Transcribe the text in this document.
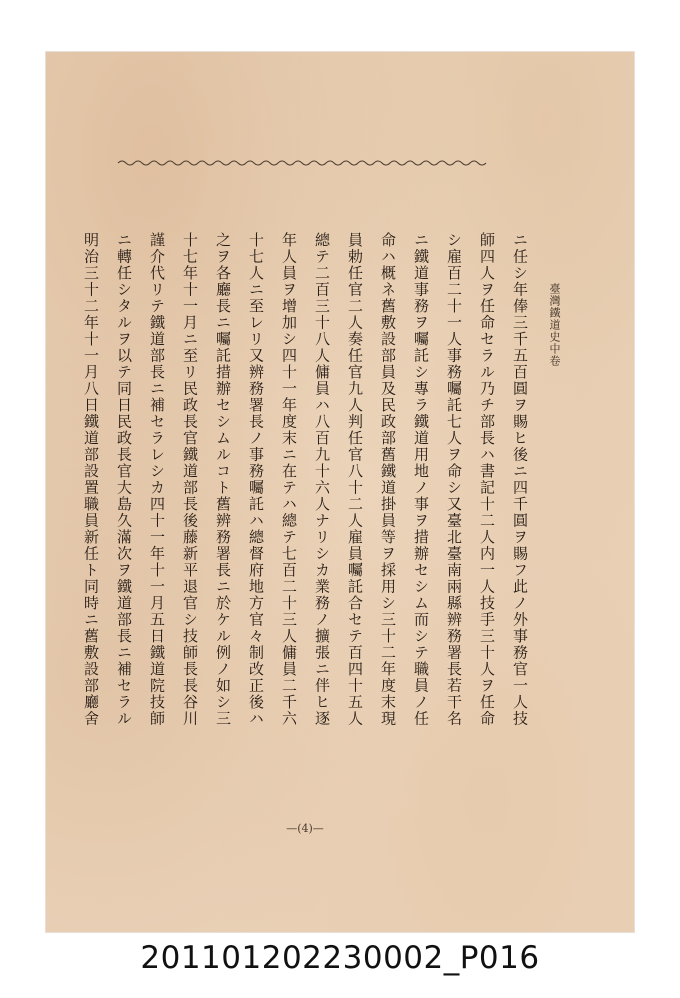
臺灣鐵道史中卷
ニ任シ年俸三千五百圓ヲ賜ヒ後ニ四千圓ヲ賜フ此ノ外事務官一人技
師四人ヲ任命セラル乃チ部長ハ書記十二人内一人技手三十人ヲ任命
シ雇百二十一人事務囑託七人ヲ命シ又臺北臺南兩縣辨務署長若干名
ニ鐵道事務ヲ囑託シ專ラ鐵道用地ノ事ヲ措辦セシム而シテ職員ノ任
命ハ概ネ舊敷設部員及民政部舊鐵道掛員等ヲ採用シ三十二年度末現
員勅任官二人奏任官九人判任官八十二人雇員囑託合セテ百四十五人
總テ二百三十八人傭員ハ八百九十六人ナリシカ業務ノ擴張ニ伴ヒ逐
年人員ヲ增加シ四十一年度末ニ在テハ總テ七百二十三人傭員二千六
十七人ニ至レリ又辨務署長ノ事務囑託ハ總督府地方官々制改正後ハ
之ヲ各廳長ニ囑託措辦セシムルコト舊辨務署長ニ於ケル例ノ如シ三
十七年十一月ニ至リ民政長官鐵道部長後藤新平退官シ技師長長谷川
謹介代リテ鐵道部長ニ補セラレシカ四十一年十一月五日鐵道院技師
ニ轉任シタルヲ以テ同日民政長官大島久滿次ヲ鐵道部長ニ補セラル
明治三十二年十一月八日鐵道部設置職員新任ト同時ニ舊敷設部廳舍
—(4)—
20110120223000​2_P016
